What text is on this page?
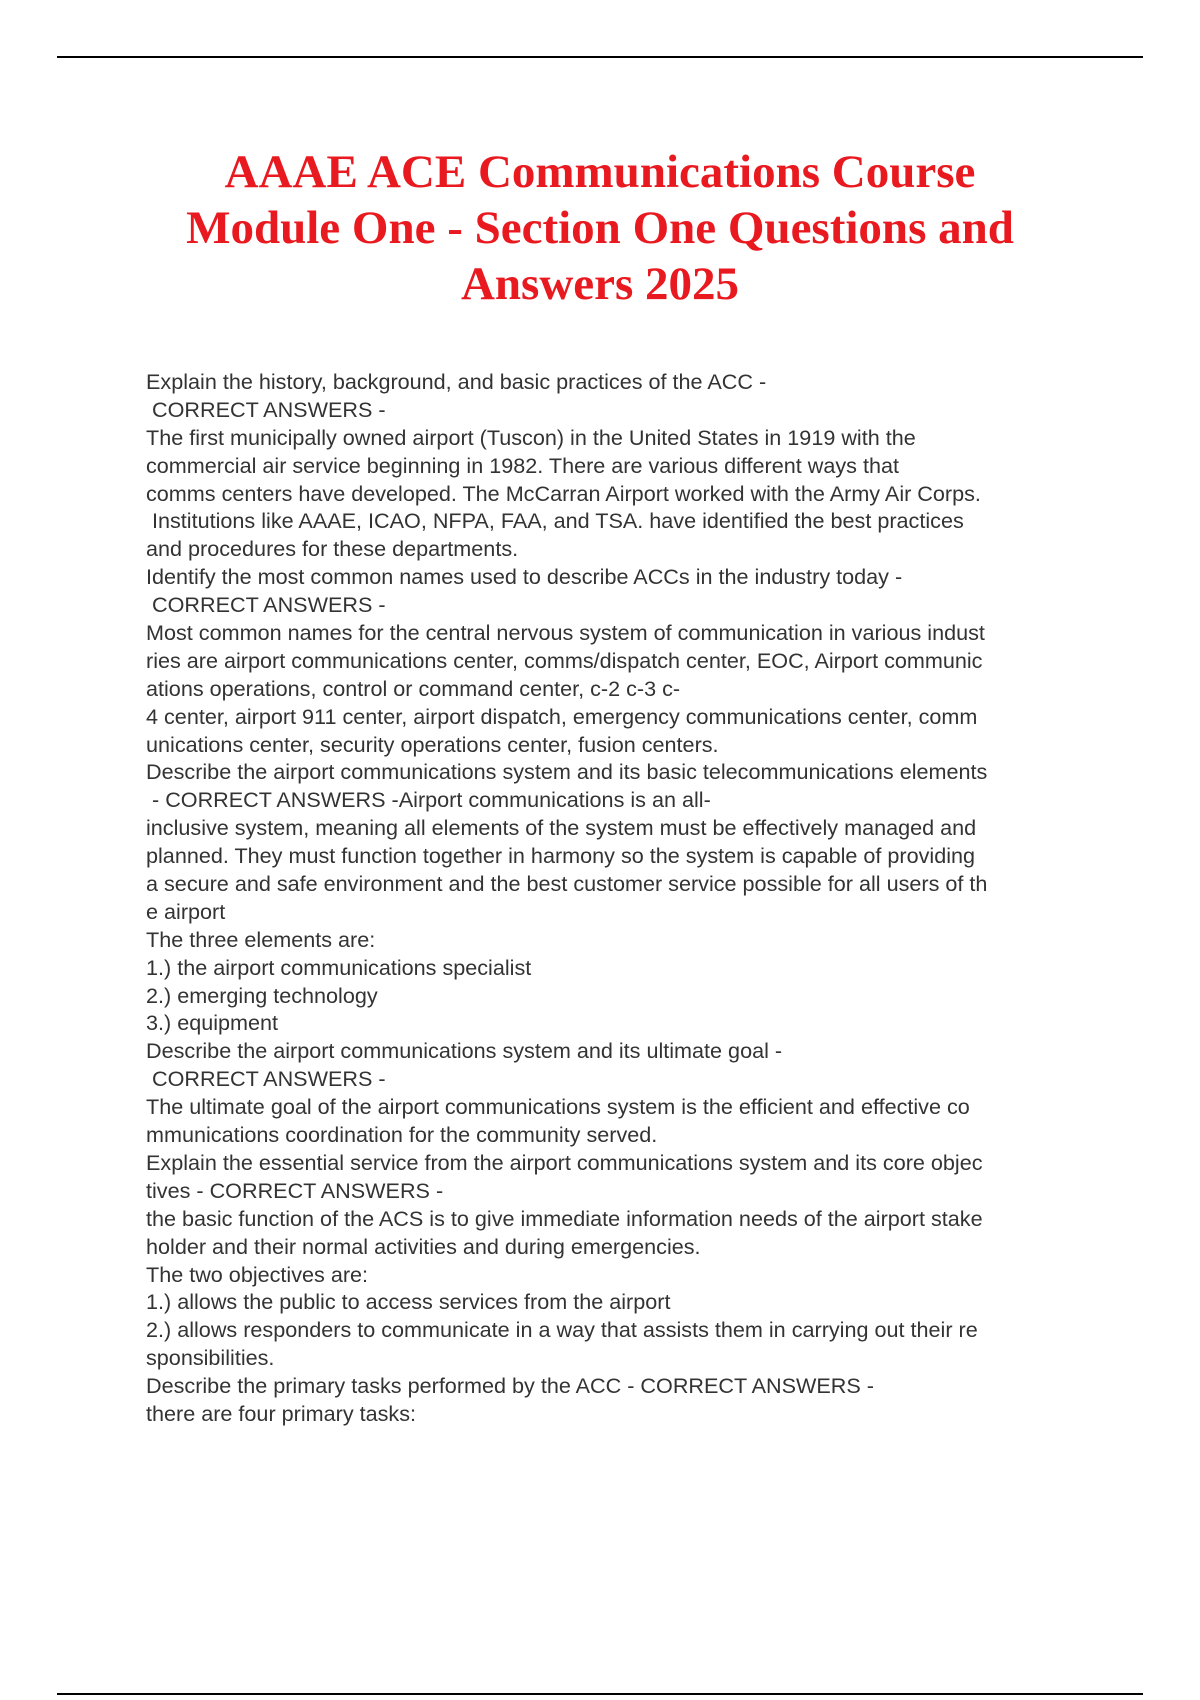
AAAE ACE Communications Course
Module One - Section One Questions and
Answers 2025
Explain the history, background, and basic practices of the ACC -
CORRECT ANSWERS -
The first municipally owned airport (Tuscon) in the United States in 1919 with the
commercial air service beginning in 1982. There are various different ways that
comms centers have developed. The McCarran Airport worked with the Army Air Corps.
Institutions like AAAE, ICAO, NFPA, FAA, and TSA. have identified the best practices
and procedures for these departments.
Identify the most common names used to describe ACCs in the industry today -
CORRECT ANSWERS -
Most common names for the central nervous system of communication in various indust
ries are airport communications center, comms/dispatch center, EOC, Airport communic
ations operations, control or command center, c-2 c-3 c-
4 center, airport 911 center, airport dispatch, emergency communications center, comm
unications center, security operations center, fusion centers.
Describe the airport communications system and its basic telecommunications elements
- CORRECT ANSWERS -Airport communications is an all-
inclusive system, meaning all elements of the system must be effectively managed and
planned. They must function together in harmony so the system is capable of providing
a secure and safe environment and the best customer service possible for all users of th
e airport
The three elements are:
1.) the airport communications specialist
2.) emerging technology
3.) equipment
Describe the airport communications system and its ultimate goal -
CORRECT ANSWERS -
The ultimate goal of the airport communications system is the efficient and effective co
mmunications coordination for the community served.
Explain the essential service from the airport communications system and its core objec
tives - CORRECT ANSWERS -
the basic function of the ACS is to give immediate information needs of the airport stake
holder and their normal activities and during emergencies.
The two objectives are:
1.) allows the public to access services from the airport
2.) allows responders to communicate in a way that assists them in carrying out their re
sponsibilities.
Describe the primary tasks performed by the ACC - CORRECT ANSWERS -
there are four primary tasks:
